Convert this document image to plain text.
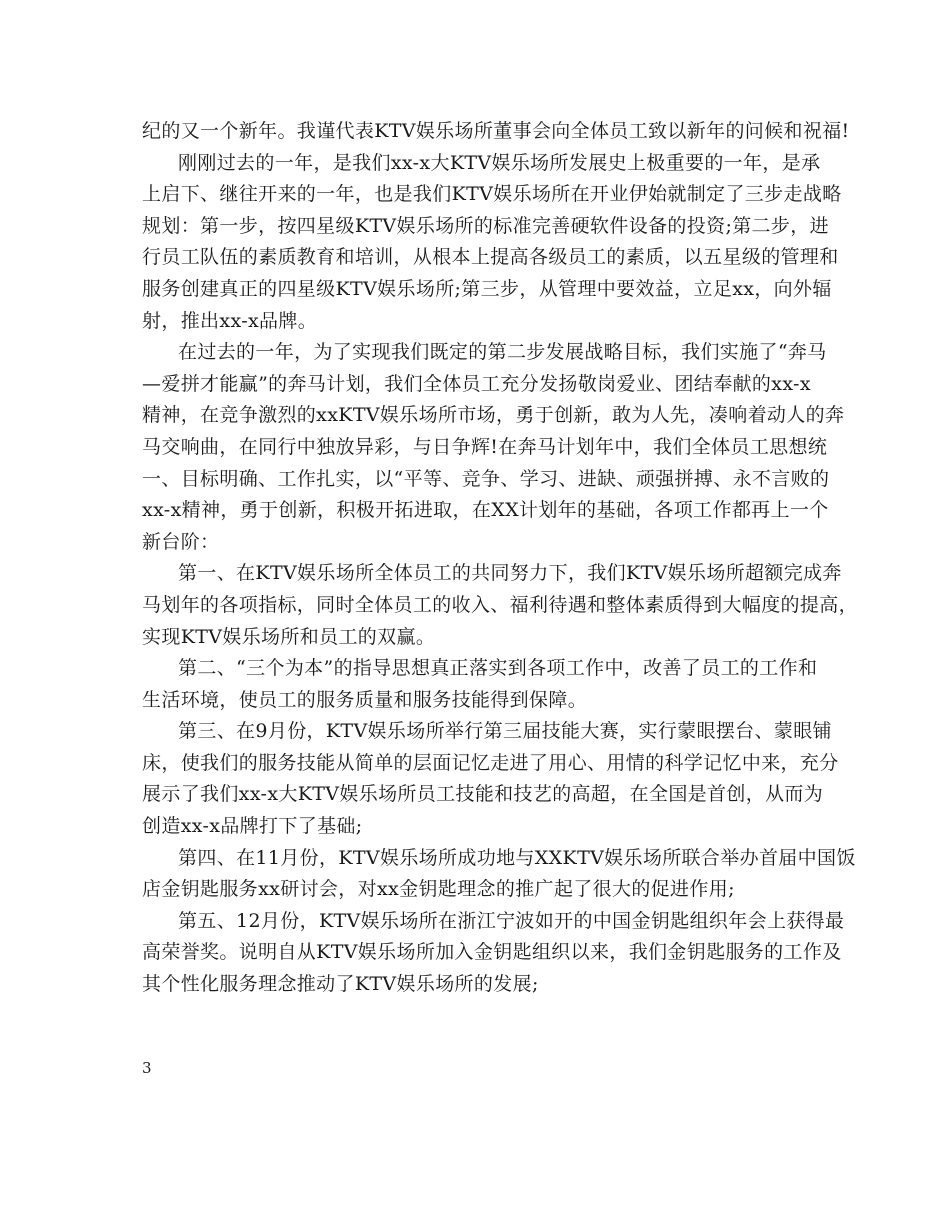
纪的又一个新年。我谨代表KTV娱乐场所董事会向全体员工致以新年的问候和祝福!
刚刚过去的一年，是我们xx-x大KTV娱乐场所发展史上极重要的一年，是承
上启下、继往开来的一年，也是我们KTV娱乐场所在开业伊始就制定了三步走战略
规划：第一步，按四星级KTV娱乐场所的标准完善硬软件设备的投资;第二步，进
行员工队伍的素质教育和培训，从根本上提高各级员工的素质，以五星级的管理和
服务创建真正的四星级KTV娱乐场所;第三步，从管理中要效益，立足xx，向外辐
射，推出xx-x品牌。
在过去的一年，为了实现我们既定的第二步发展战略目标，我们实施了“奔马
—爱拼才能赢”的奔马计划，我们全体员工充分发扬敬岗爱业、团结奉献的xx-x
精神，在竞争激烈的xxKTV娱乐场所市场，勇于创新，敢为人先，凑响着动人的奔
马交响曲，在同行中独放异彩，与日争辉!在奔马计划年中，我们全体员工思想统
一、目标明确、工作扎实，以“平等、竞争、学习、进缺、顽强拼搏、永不言败的
xx-x精神，勇于创新，积极开拓进取，在XX计划年的基础，各项工作都再上一个
新台阶：
第一、在KTV娱乐场所全体员工的共同努力下，我们KTV娱乐场所超额完成奔
马划年的各项指标，同时全体员工的收入、福利待遇和整体素质得到大幅度的提高，
实现KTV娱乐场所和员工的双赢。
第二、“三个为本”的指导思想真正落实到各项工作中，改善了员工的工作和
生活环境，使员工的服务质量和服务技能得到保障。
第三、在9月份，KTV娱乐场所举行第三届技能大赛，实行蒙眼摆台、蒙眼铺
床，使我们的服务技能从简单的层面记忆走进了用心、用情的科学记忆中来，充分
展示了我们xx-x大KTV娱乐场所员工技能和技艺的高超，在全国是首创，从而为
创造xx-x品牌打下了基础;
第四、在11月份，KTV娱乐场所成功地与XXKTV娱乐场所联合举办首届中国饭
店金钥匙服务xx研讨会，对xx金钥匙理念的推广起了很大的促进作用;
第五、12月份，KTV娱乐场所在浙江宁波如开的中国金钥匙组织年会上获得最
高荣誉奖。说明自从KTV娱乐场所加入金钥匙组织以来，我们金钥匙服务的工作及
其个性化服务理念推动了KTV娱乐场所的发展;
3
